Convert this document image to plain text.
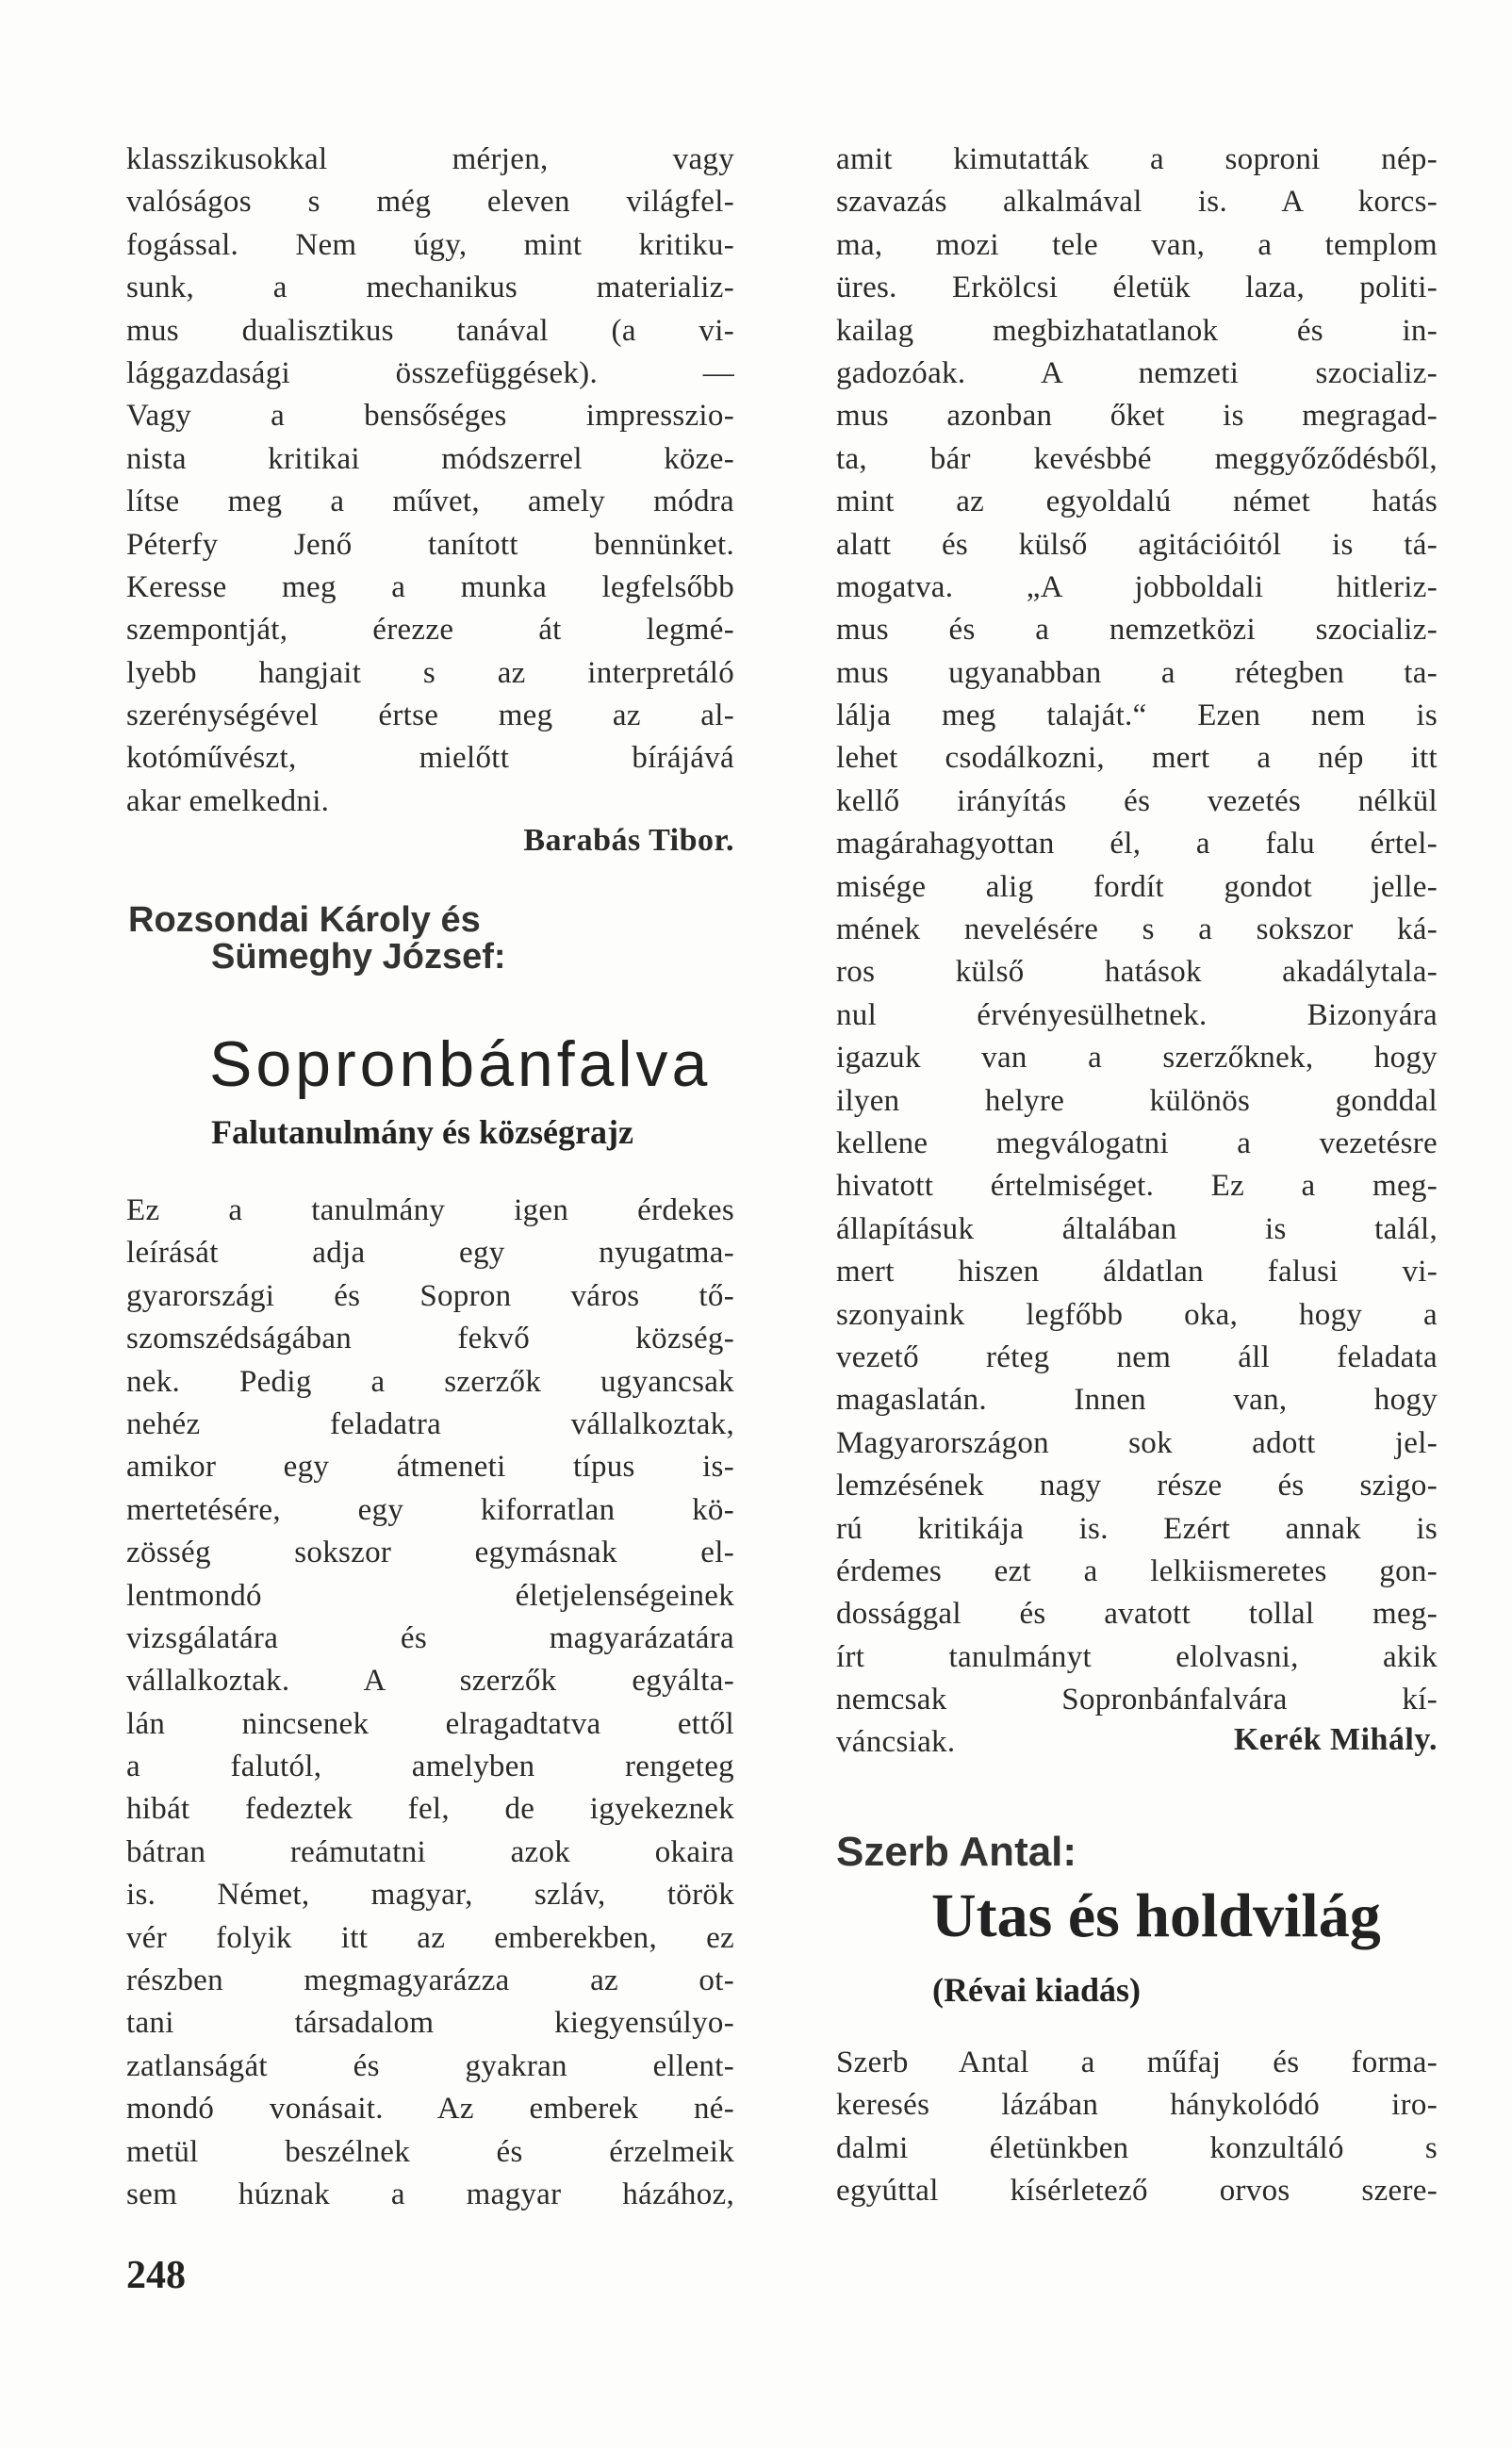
klasszikusokkal mérjen, vagy
valóságos s még eleven világfel-
fogással. Nem úgy, mint kritiku-
sunk, a mechanikus materializ-
mus dualisztikus tanával (a vi-
lággazdasági összefüggések). —
Vagy a bensőséges impresszio-
nista kritikai módszerrel köze-
lítse meg a művet, amely módra
Péterfy Jenő tanított bennünket.
Keresse meg a munka legfelsőbb
szempontját, érezze át legmé-
lyebb hangjait s az interpretáló
szerénységével értse meg az al-
kotóművészt, mielőtt bírájává
akar emelkedni.
Barabás Tibor.
Rozsondai Károly és
Sümeghy József:
Sopronbánfalva
Falutanulmány és községrajz
Ez a tanulmány igen érdekes
leírását adja egy nyugatma-
gyarországi és Sopron város tő-
szomszédságában fekvő község-
nek. Pedig a szerzők ugyancsak
nehéz feladatra vállalkoztak,
amikor egy átmeneti típus is-
mertetésére, egy kiforratlan kö-
zösség sokszor egymásnak el-
lentmondó életjelenségeinek
vizsgálatára és magyarázatára
vállalkoztak. A szerzők egyálta-
lán nincsenek elragadtatva ettől
a falutól, amelyben rengeteg
hibát fedeztek fel, de igyekeznek
bátran reámutatni azok okaira
is. Német, magyar, szláv, török
vér folyik itt az emberekben, ez
részben megmagyarázza az ot-
tani társadalom kiegyensúlyo-
zatlanságát és gyakran ellent-
mondó vonásait. Az emberek né-
metül beszélnek és érzelmeik
sem húznak a magyar házához,
amit kimutatták a soproni nép-
szavazás alkalmával is. A korcs-
ma, mozi tele van, a templom
üres. Erkölcsi életük laza, politi-
kailag megbizhatatlanok és in-
gadozóak. A nemzeti szocializ-
mus azonban őket is megragad-
ta, bár kevésbbé meggyőződésből,
mint az egyoldalú német hatás
alatt és külső agitációitól is tá-
mogatva. „A jobboldali hitleriz-
mus és a nemzetközi szocializ-
mus ugyanabban a rétegben ta-
lálja meg talaját.“ Ezen nem is
lehet csodálkozni, mert a nép itt
kellő irányítás és vezetés nélkül
magárahagyottan él, a falu értel-
misége alig fordít gondot jelle-
mének nevelésére s a sokszor ká-
ros külső hatások akadálytala-
nul érvényesülhetnek. Bizonyára
igazuk van a szerzőknek, hogy
ilyen helyre különös gonddal
kellene megválogatni a vezetésre
hivatott értelmiséget. Ez a meg-
állapításuk általában is talál,
mert hiszen áldatlan falusi vi-
szonyaink legfőbb oka, hogy a
vezető réteg nem áll feladata
magaslatán. Innen van, hogy
Magyarországon sok adott jel-
lemzésének nagy része és szigo-
rú kritikája is. Ezért annak is
érdemes ezt a lelkiismeretes gon-
dossággal és avatott tollal meg-
írt tanulmányt elolvasni, akik
nemcsak Sopronbánfalvára kí-
váncsiak.	Kerék Mihály.
Szerb Antal:
Utas és holdvilág
(Révai kiadás)
Szerb Antal a műfaj és forma-
keresés lázában hánykolódó iro-
dalmi életünkben konzultáló s
egyúttal kísérletező orvos szere-
248
